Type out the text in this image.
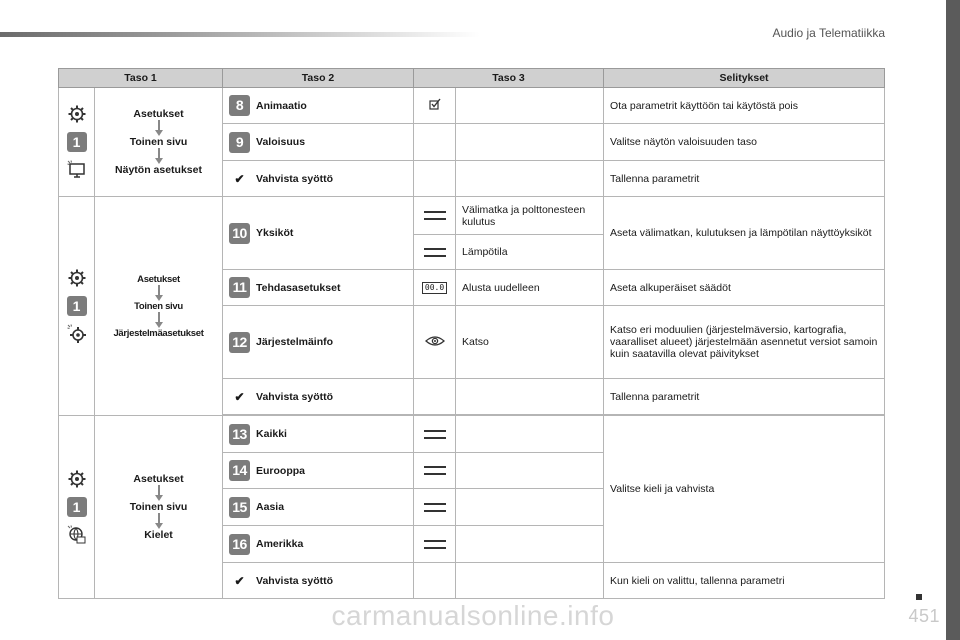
Audio ja Telematiikka
Taso 1		Taso 2	Taso 3		Selitykset

1	Asetukset
Toinen sivu
Näytön asetukset	8 Animaatio			Ota parametrit käyttöön tai käytöstä pois

		9 Valoisuus			Valitse näytön valoisuuden taso

		✔ Vahvista syöttö			Tallenna parametrit

1	Asetukset
Toinen sivu
Järjestelmäasetukset	10 Yksiköt		Välimatka ja polttonesteen kulutus	Aseta välimatkan, kulutuksen ja lämpötilan näyttöyksiköt
				Lämpötila	

		11 Tehdasasetukset	00.0	Alusta uudelleen	Aseta alkuperäiset säädöt

		12 Järjestelmäinfo		Katso	Katso eri moduulien (järjestelmäversio, kartografia, vaaralliset alueet) järjestelmään asennetut versiot samoin kuin saatavilla olevat päivitykset

		✔ Vahvista syöttö			Tallenna parametrit

1	Asetukset
Toinen sivu
Kielet	13 Kaikki			Valitse kieli ja vahvista

		14 Eurooppa			

		15 Aasia			

		16 Amerikka			

		✔ Vahvista syöttö			Kun kieli on valittu, tallenna parametri
carmanualsonline.info	451
